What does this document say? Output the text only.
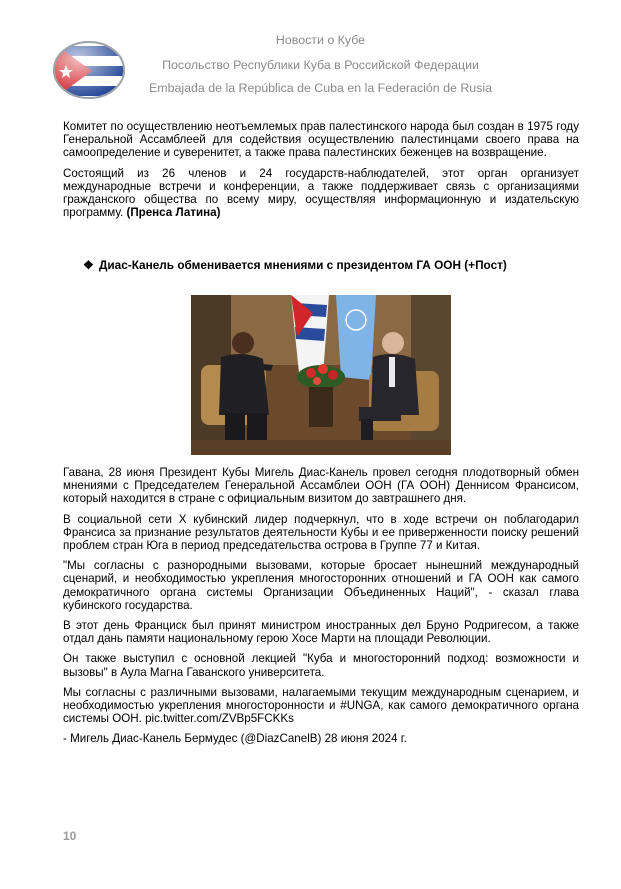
Новости о Кубе
Посольство Республики Куба в Российской Федерации
Embajada de la República de Cuba en la Federación de Rusia

Комитет по осуществлению неотъемлемых прав палестинского народа был создан в 1975 году Генеральной Ассамблеей для содействия осуществлению палестинцами своего права на самоопределение и суверенитет, а также права палестинских беженцев на возвращение.

Состоящий из 26 членов и 24 государств-наблюдателей, этот орган организует международные встречи и конференции, а также поддерживает связь с организациями гражданского общества по всему миру, осуществляя информационную и издательскую программу. (Пренса Латина)

❖ Диас-Канель обменивается мнениями с президентом ГА ООН (+Пост)

Гавана, 28 июня Президент Кубы Мигель Диас-Канель провел сегодня плодотворный обмен мнениями с Председателем Генеральной Ассамблеи ООН (ГА ООН) Деннисом Франсисом, который находится в стране с официальным визитом до завтрашнего дня.

В социальной сети X кубинский лидер подчеркнул, что в ходе встречи он поблагодарил Франсиса за признание результатов деятельности Кубы и ее приверженности поиску решений проблем стран Юга в период председательства острова в Группе 77 и Китая.

"Мы согласны с разнородными вызовами, которые бросает нынешний международный сценарий, и необходимостью укрепления многосторонних отношений и ГА ООН как самого демократичного органа системы Организации Объединенных Наций", - сказал глава кубинского государства.

В этот день Франциск был принят министром иностранных дел Бруно Родригесом, а также отдал дань памяти национальному герою Хосе Марти на площади Революции.

Он также выступил с основной лекцией "Куба и многосторонний подход: возможности и вызовы" в Аула Магна Гаванского университета.

Мы согласны с различными вызовами, налагаемыми текущим международным сценарием, и необходимостью укрепления многосторонности и #UNGA, как самого демократичного органа системы ООН. pic.twitter.com/ZVBp5FCKKs

- Мигель Диас-Канель Бермудес (@DiazCanelB) 28 июня 2024 г.

10
